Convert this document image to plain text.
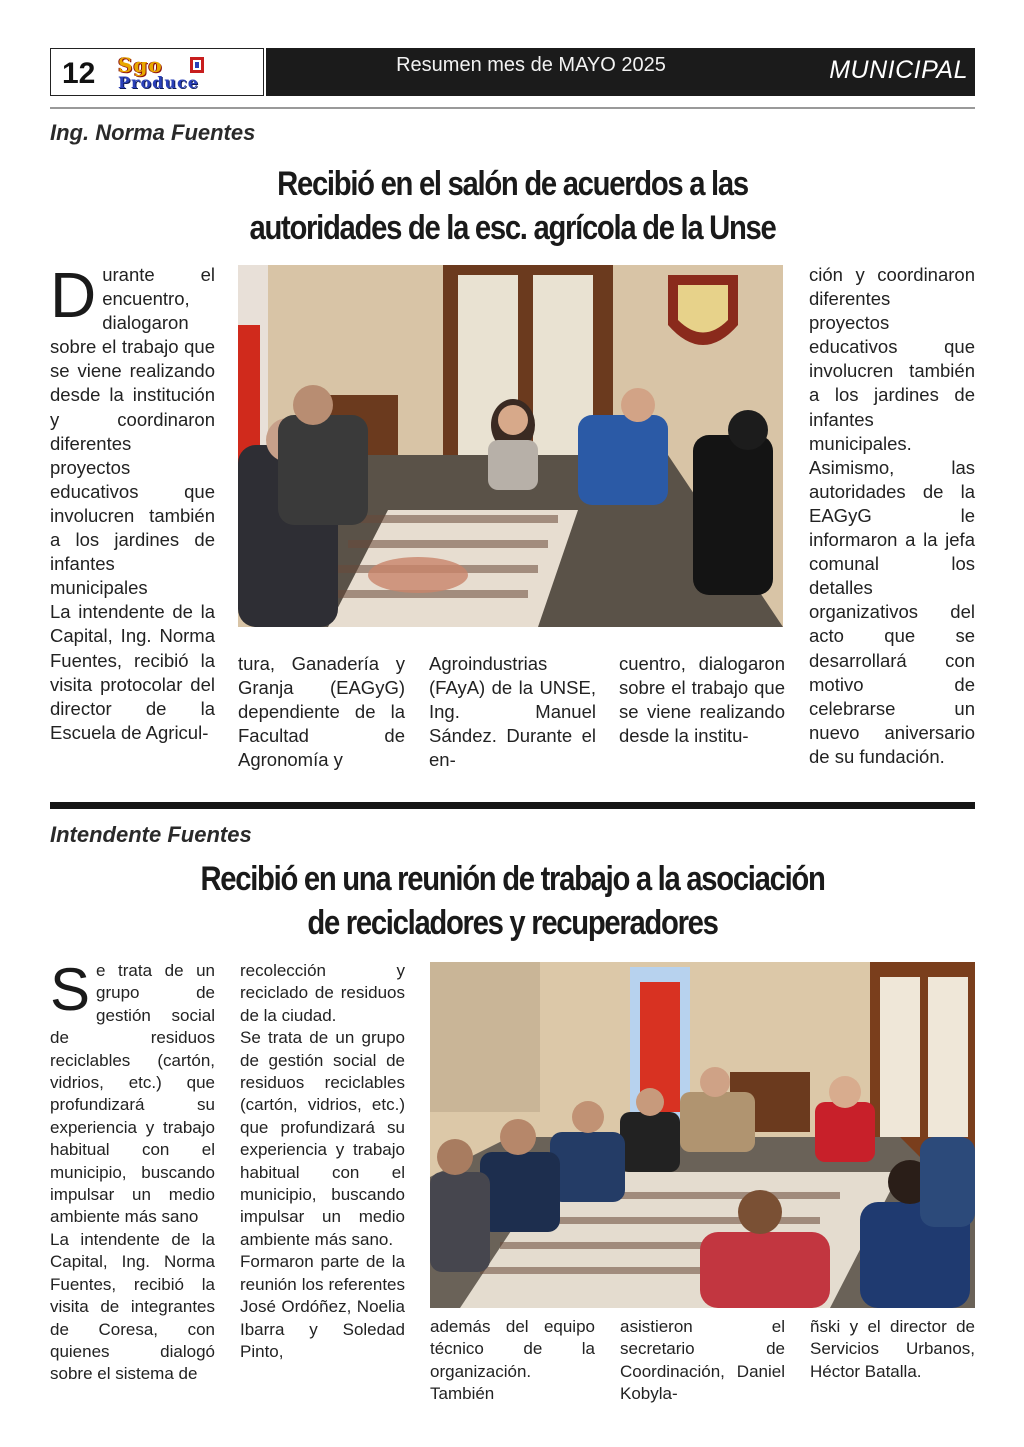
12 Sgo
Produce
Resumen mes de MAYO 2025	MUNICIPAL
Ing. Norma Fuentes
Recibió en el salón de acuerdos a las
autoridades de la esc. agrícola de la Unse
D urante el encuentro, dialogaron sobre el trabajo que se viene realizando desde la institución y coordinaron diferentes proyectos educativos que involucren también a los jardines de infantes municipales

La intendente de la Capital, Ing. Norma Fuentes, recibió la visita protocolar del director de la Escuela de Agricul-

tura, Ganadería y Granja (EAGyG) dependiente de la Facultad de Agronomía y
Agroindustrias (FAyA) de la UNSE, Ing. Manuel Sández. Durante el en-
cuentro, dialogaron sobre el trabajo que se viene realizando desde la institu-

ción y coordinaron diferentes proyectos educativos que involucren también a los jardines de infantes municipales.

Asimismo, las autoridades de la EAGyG le informaron a la jefa comunal los detalles organizativos del acto que se desarrollará con motivo de celebrarse un nuevo aniversario de su fundación.

Intendente Fuentes
Recibió en una reunión de trabajo a la asociación
de recicladores y recuperadores
S e trata de un grupo de gestión social de residuos reciclables (cartón, vidrios, etc.) que profundizará su experiencia y trabajo habitual con el municipio, buscando impulsar un medio ambiente más sano

La intendente de la Capital, Ing. Norma Fuentes, recibió la visita de integrantes de Coresa, con quienes dialogó sobre el sistema de

recolección y reciclado de residuos de la ciudad.

Se trata de un grupo de gestión social de residuos reciclables (cartón, vidrios, etc.) que profundizará su experiencia y trabajo habitual con el municipio, buscando impulsar un medio ambiente más sano.

Formaron parte de la reunión los referentes José Ordóñez, Noelia Ibarra y Soledad Pinto,

además del equipo técnico de la organización. También
asistieron el secretario de Coordinación, Daniel Kobyla-
ñski y el director de Servicios Urbanos, Héctor Batalla.
